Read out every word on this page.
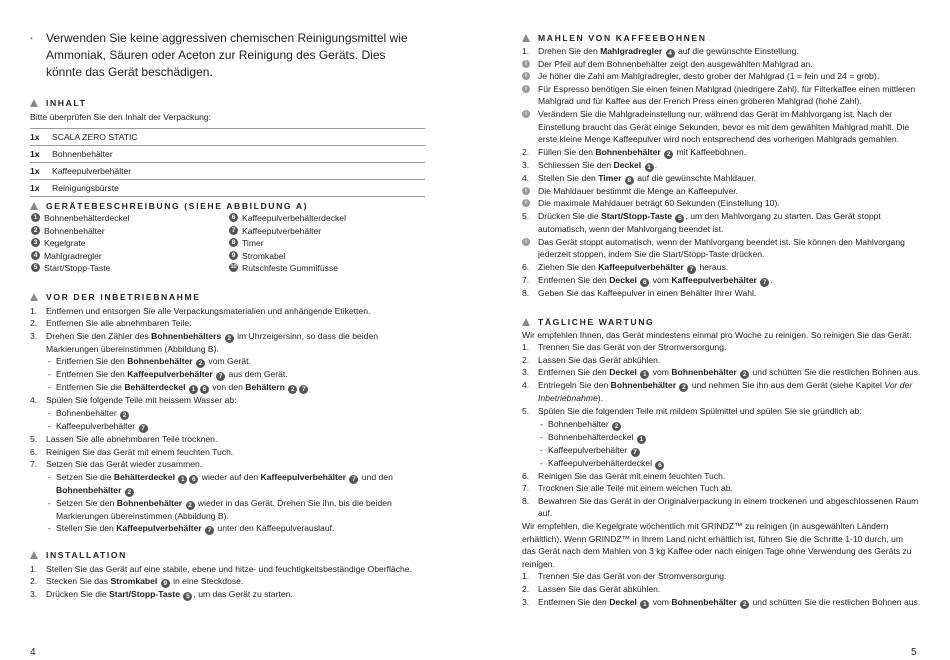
•	Verwenden Sie keine aggressiven chemischen Reinigungsmittel wie Ammoniak, Säuren oder Aceton zur Reinigung des Geräts. Dies könnte das Gerät beschädigen.

INHALT
Bitte überprüfen Sie den Inhalt der Verpackung:
1x	SCALA ZERO STATIC
1x	Bohnenbehälter
1x	Kaffeepulverbehälter
1x	Reinigungsbürste
GERÄTEBESCHREIBUNG (SIEHE ABBILDUNG A)
1 Bohnenbehälterdeckel
2 Bohnenbehälter
3 Kegelgrate
4 Mahlgradregler
5 Start/Stopp-Taste
6 Kaffeepulverbehälterdeckel
7 Kaffeepulverbehälter
8 Timer
9 Stromkabel
10 Rutschfeste Gummifüsse
VOR DER INBETRIEBNAHME
1. Entfernen und entsorgen Sie alle Verpackungsmaterialien und anhängende Etiketten.
2. Entfernen Sie alle abnehmbaren Teile:
3. Drehen Sie den Zähler des Bohnenbehälters 2 im Uhrzeigersinn, so dass die beiden
Markierungen übereinstimmen (Abbildung B).
- Entfernen Sie den Bohnenbehälter 2 vom Gerät.
- Entfernen Sie den Kaffeepulverbehälter 7 aus dem Gerät.
- Entfernen Sie die Behälterdeckel 1 6 von den Behältern 2 7
4. Spülen Sie folgende Teile mit heissem Wasser ab:
- Bohnenbehälter 2
- Kaffeepulverbehälter 7
5. Lassen Sie alle abnehmbaren Teile trocknen.
6. Reinigen Sie das Gerät mit einem feuchten Tuch.
7. Setzen Sie das Gerät wieder zusammen.
- Setzen Sie die Behälterdeckel 1 6 wieder auf den Kaffeepulverbehälter 7 und den
Bohnenbehälter 2
- Setzen Sie den Bohnenbehälter 2 wieder in das Gerät. Drehen Sie ihn, bis die beiden
Markierungen übereinstimmen (Abbildung B).
- Stellen Sie den Kaffeepulverbehälter 7 unter den Kaffeepulverauslauf.
INSTALLATION
1. Stellen Sie das Gerät auf eine stabile, ebene und hitze- und feuchtigkeitsbeständige Oberfläche.
2. Stecken Sie das Stromkabel 9 in eine Steckdose.
3. Drücken Sie die Start/Stopp-Taste 5 , um das Gerät zu starten.
4
MAHLEN VON KAFFEEBOHNEN
1. Drehen Sie den Mahlgradregler 4 auf die gewünschte Einstellung.
i	Der Pfeil auf dem Bohnenbehälter zeigt den ausgewählten Mahlgrad an.
i	Je höher die Zahl am Mahlgradregler, desto grober der Mahlgrad (1 = fein und 24 = grob).
i	Für Espresso benötigen Sie einen feinen Mahlgrad (niedrigere Zahl), für Filterkaffee einen mittleren
Mahlgrad und für Kaffee aus der French Press einen gröberen Mahlgrad (hohe Zahl).
i	Verändern Sie die Mahlgradeinstellung nur, während das Gerät im Mahlvorgang ist. Nach der
Einstellung braucht das Gerät einige Sekunden, bevor es mit dem gewählten Mahlgrad mahlt. Die
erste kleine Menge Kaffeepulver wird noch entsprechend des vorherigen Mahlgrads gemahlen.
2. Füllen Sie den Bohnenbehälter 2 mit Kaffeebohnen.
3. Schliessen Sie den Deckel 1 .
4. Stellen Sie den Timer 8 auf die gewünschte Mahldauer.
i	Die Mahldauer bestimmt die Menge an Kaffeepulver.
i	Die maximale Mahldauer beträgt 60 Sekunden (Einstellung 10).
5. Drücken Sie die Start/Stopp-Taste 5 , um den Mahlvorgang zu starten. Das Gerät stoppt
automatisch, wenn der Mahlvorgang beendet ist.
i	Das Gerät stoppt automatisch, wenn der Mahlvorgang beendet ist. Sie können den Mahlvorgang
jederzeit stoppen, indem Sie die Start/Stopp-Taste drücken.
6. Ziehen Sie den Kaffeepulverbehälter 7 heraus.
7. Entfernen Sie den Deckel 6 vom Kaffeepulverbehälter 7 .
8. Geben Sie das Kaffeepulver in einen Behälter Ihrer Wahl.
TÄGLICHE WARTUNG
Wir empfehlen Ihnen, das Gerät mindestens einmal pro Woche zu reinigen. So reinigen Sie das Gerät:
1. Trennen Sie das Gerät von der Stromversorgung.
2. Lassen Sie das Gerät abkühlen.
3. Entfernen Sie den Deckel 1 vom Bohnenbehälter 2 und schütten Sie die restlichen Bohnen aus.
4. Entriegeln Sie den Bohnenbehälter 2 und nehmen Sie ihn aus dem Gerät (siehe Kapitel Vor der
Inbetriebnahme).
5. Spülen Sie die folgenden Teile mit mildem Spülmittel und spülen Sie sie gründlich ab:
- Bohnenbehälter 2
- Bohnenbehälterdeckel 1
- Kaffeepulverbehälter 7
- Kaffeepulverbehälterdeckel 6
6. Reinigen Sie das Gerät mit einem feuchten Tuch.
7. Trocknen Sie alle Teile mit einem weichen Tuch ab.
8. Bewahren Sie das Gerät in der Originalverpackung in einem trockenen und abgeschlossenen Raum
auf.
Wir empfehlen, die Kegelgrate wöchentlich mit GRINDZ™ zu reinigen (in ausgewählten Ländern
erhältlich). Wenn GRINDZ™ in Ihrem Land nicht erhältlich ist, führen Sie die Schritte 1-10 durch, um
das Gerät nach dem Mahlen von 3 kg Kaffee oder nach einigen Tage ohne Verwendung des Geräts zu
reinigen.
1. Trennen Sie das Gerät von der Stromversorgung.
2. Lassen Sie das Gerät abkühlen.
3. Entfernen Sie den Deckel 1 vom Bohnenbehälter 2 und schütten Sie die restlichen Bohnen aus.
5
